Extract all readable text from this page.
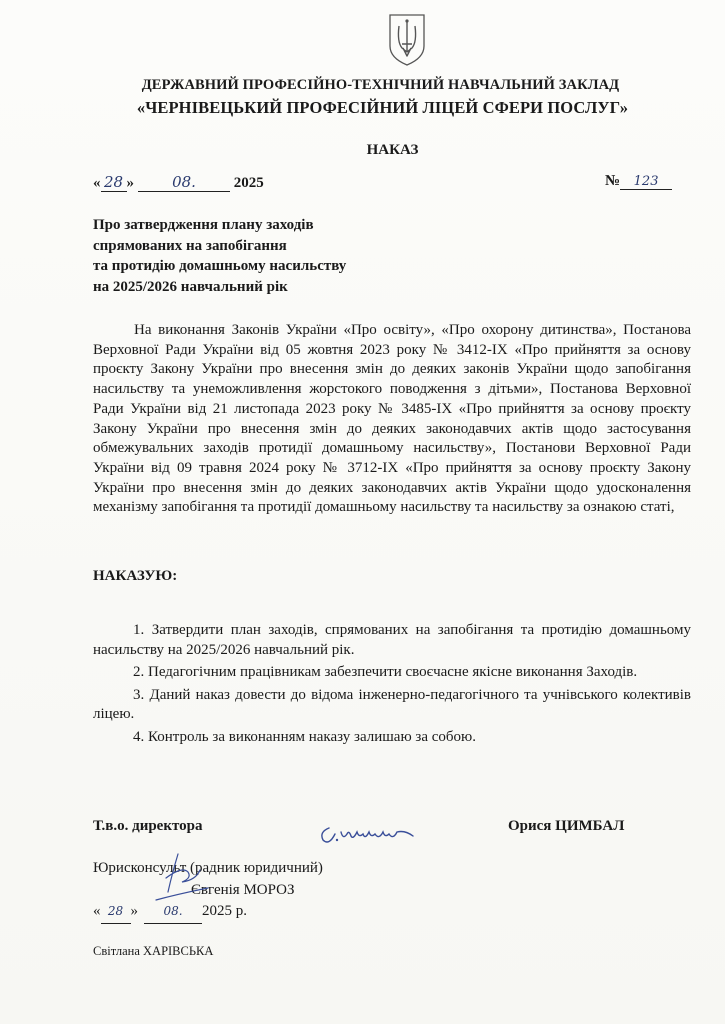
ДЕРЖАВНИЙ ПРОФЕСІЙНО-ТЕХНІЧНИЙ НАВЧАЛЬНИЙ ЗАКЛАД
«ЧЕРНІВЕЦЬКИЙ ПРОФЕСІЙНИЙ ЛІЦЕЙ СФЕРИ ПОСЛУГ»
НАКАЗ
« 28 »	08.	2025	№ 123
Про затвердження плану заходів
спрямованих на запобігання
та протидію домашньому насильству
на 2025/2026 навчальний рік

На виконання Законів України «Про освіту», «Про охорону дитинства», Постанова Верховної Ради України від 05 жовтня 2023 року № 3412-IX «Про прийняття за основу проєкту Закону України про внесення змін до деяких законів України щодо запобігання насильству та унеможливлення жорстокого поводження з дітьми», Постанова Верховної Ради України від 21 листопада 2023 року № 3485-IX «Про прийняття за основу проєкту Закону України про внесення змін до деяких законодавчих актів щодо застосування обмежувальних заходів протидії домашньому насильству», Постанови Верховної Ради України від 09 травня 2024 року № 3712-IX «Про прийняття за основу проєкту Закону України про внесення змін до деяких законодавчих актів України щодо удосконалення механізму запобігання та протидії домашньому насильству та насильству за ознакою статі,

НАКАЗУЮ:

1. Затвердити план заходів, спрямованих на запобігання та протидію домашньому насильству на 2025/2026 навчальний рік.

2. Педагогічним працівникам забезпечити своєчасне якісне виконання Заходів.

3. Даний наказ довести до відома інженерно-педагогічного та учнівського колективів ліцею.

4. Контроль за виконанням наказу залишаю за собою.

Т.в.о. директора	Орися ЦИМБАЛ
Юрисконсульт (радник юридичний)
Євгенія МОРОЗ
« 28 » 08. 2025 р.
Світлана ХАРІВСЬКА
